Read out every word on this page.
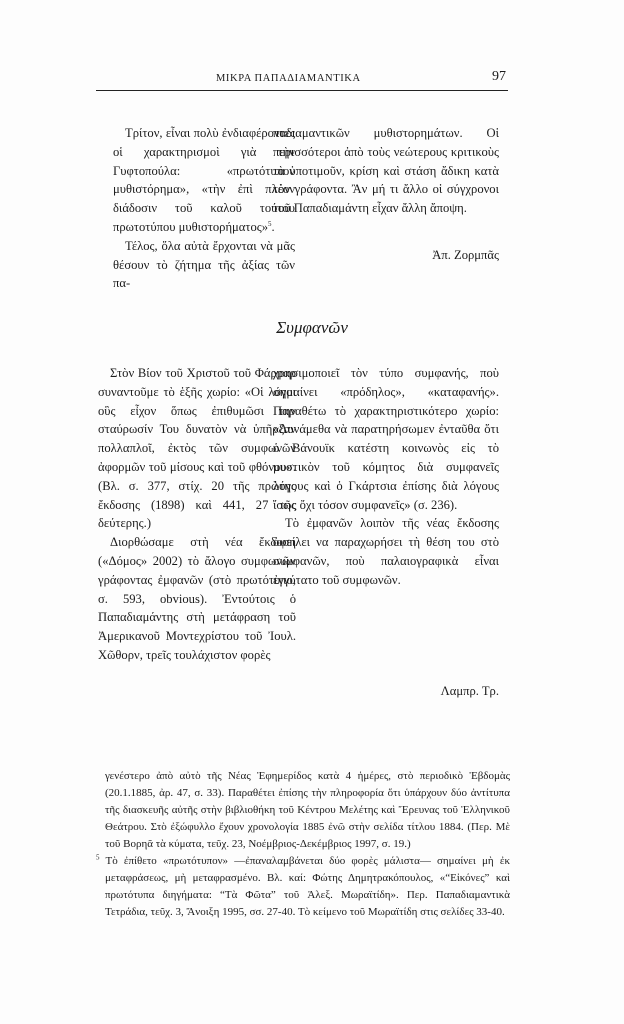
ΜΙΚΡΑ ΠΑΠΑΔΙΑΜΑΝΤΙΚΑ	97

Τρίτον, εἶναι πολὺ ἐνδιαφέροντες οἱ χαρακτηρισμοὶ γιὰ τὴν Γυφτοπούλα: «πρωτότυπον μυθιστόρημα», «τὴν ἐπὶ πλέον διάδοσιν τοῦ καλοῦ τούτου πρωτοτύπου μυθιστορήματος»$^5$.

Τέλος, ὅλα αὐτὰ ἔρχονται νὰ μᾶς θέσουν τὸ ζήτημα τῆς ἀξίας τῶν πα-

παδιαμαντικῶν μυθιστορημάτων. Οἱ περισσότεροι ἀπὸ τοὺς νεώτερους κριτικοὺς τὰ ὑποτιμοῦν, κρίση καὶ στάση ἄδικη κατὰ τὸν γράφοντα. Ἂν μή τι ἄλλο οἱ σύγχρονοι τοῦ Παπαδιαμάντη εἶχαν ἄλλη ἄποψη.

Ἀπ. Ζορμπᾶς
Συμφανῶν

Στὸν Βίον τοῦ Χριστοῦ τοῦ Φάρραρ συναντοῦμε τὸ ἑξῆς χωρίο: «Οἱ λόγοι οὓς εἶχον ὅπως ἐπιθυμῶσι την σταύρωσίν Του δυνατὸν νὰ ὑπῆρξαν πολλαπλοῖ, ἐκτὸς τῶν συμφωνῶν ἀφορμῶν τοῦ μίσους καὶ τοῦ φθόνου». (Βλ. σ. 377, στίχ. 20 τῆς πρώτης ἔκδοσης (1898) καὶ 441, 27 τῆς δεύτερης.)

Διορθώσαμε στὴ νέα ἔκδοση («Δόμος» 2002) τὸ ἄλογο συμφωνῶν γράφοντας ἐμφανῶν (στὸ πρωτότυπο, σ. 593, obvious). Ἐντούτοις ὁ Παπαδιαμάντης στὴ μετάφραση τοῦ Ἀμερικανοῦ Μοντεχρίστου τοῦ Ἰουλ. Χῶθορν, τρεῖς τουλάχιστον φορὲς

χρησιμοποιεῖ τὸν τύπο συμφανής, ποὺ σημαίνει «πρόδηλος», «καταφανής». Παραθέτω τὸ χαρακτηριστικότερο χωρίο: «Δυνάμεθα νὰ παρατηρήσωμεν ἐνταῦθα ὅτι ὁ Βάνουϊκ κατέστη κοινωνὸς εἰς τὸ μυστικὸν τοῦ κόμητος διὰ συμφανεῖς λόγους καὶ ὁ Γκάρτσια ἐπίσης διὰ λόγους ἴσως ὄχι τόσον συμφανεῖς» (σ. 236).

Τὸ ἐμφανῶν λοιπὸν τῆς νέας ἔκδοσης ὀφείλει να παραχωρήσει τὴ θέση του στὸ συμφανῶν, ποὺ παλαιογραφικὰ εἶναι ἐγγύτατο τοῦ συμφωνῶν.

Λαμπρ. Τρ.

γενέστερο ἀπὸ αὐτὸ τῆς Νέας Ἐφημερίδος κατὰ 4 ἡμέρες, στὸ περιοδικὸ Ἑβδομὰς (20.1.1885, ἀρ. 47, σ. 33). Παραθέτει ἐπίσης τὴν πληροφορία ὅτι ὑπάρχουν δύο ἀντίτυπα τῆς διασκευῆς αὐτῆς στὴν βιβλιοθήκη τοῦ Κέντρου Μελέτης καὶ Ἔρευνας τοῦ Ἑλληνικοῦ Θεάτρου. Στὸ ἐξώφυλλο ἔχουν χρονολογία 1885 ἐνῶ στὴν σελίδα τίτλου 1884. (Περ. Μὲ τοῦ Βορηᾶ τὰ κύματα, τεῦχ. 23, Νοέμβριος-Δεκέμβριος 1997, σ. 19.)

$^5$ Τὸ ἐπίθετο «πρωτότυπον» —ἐπαναλαμβάνεται δύο φορὲς μάλιστα— σημαίνει μὴ ἐκ μεταφράσεως, μὴ μεταφρασμένο. Βλ. καί: Φώτης Δημητρακόπουλος, «“Εἰκόνες” καὶ πρωτότυπα διηγήματα: “Τὰ Φῶτα” τοῦ Ἀλεξ. Μωραϊτίδη». Περ. Παπαδιαμαντικὰ Τετράδια, τεῦχ. 3, Ἄνοιξη 1995, σσ. 27-40. Τὸ κείμενο τοῦ Μωραϊτίδη στις σελίδες 33-40.
